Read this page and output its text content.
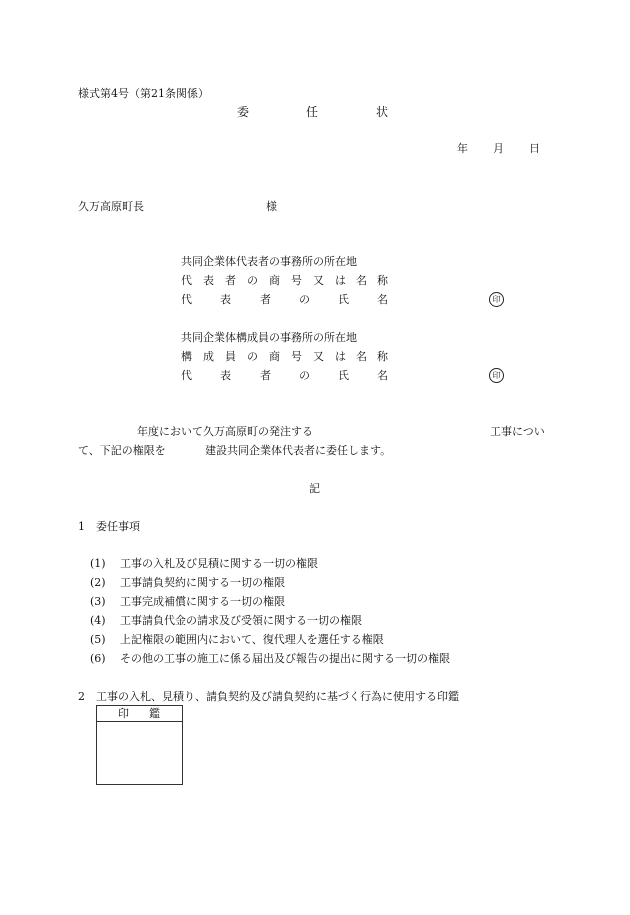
様式第4号（第21条関係）
委	任	状
年 月 日
久万高原町長	様
共同企業体代表者の事務所の所在地
代 表 者 の 商 号 又 は 名 称
代	表	者	の	氏	名	印
共同企業体構成員の事務所の所在地
構 成 員 の 商 号 又 は 名 称
代	表	者	の	氏	名	印
年度において久万高原町の発注する	工事につい
て、下記の権限を	建設共同企業体代表者に委任します。
記
1　委任事項
(1) 工事の入札及び見積に関する一切の権限
(2) 工事請負契約に関する一切の権限
(3) 工事完成補償に関する一切の権限
(4) 工事請負代金の請求及び受領に関する一切の権限
(5) 上記権限の範囲内において、復代理人を選任する権限
(6) その他の工事の施工に係る届出及び報告の提出に関する一切の権限
2　工事の入札、見積り、請負契約及び請負契約に基づく行為に使用する印鑑
印 鑑
